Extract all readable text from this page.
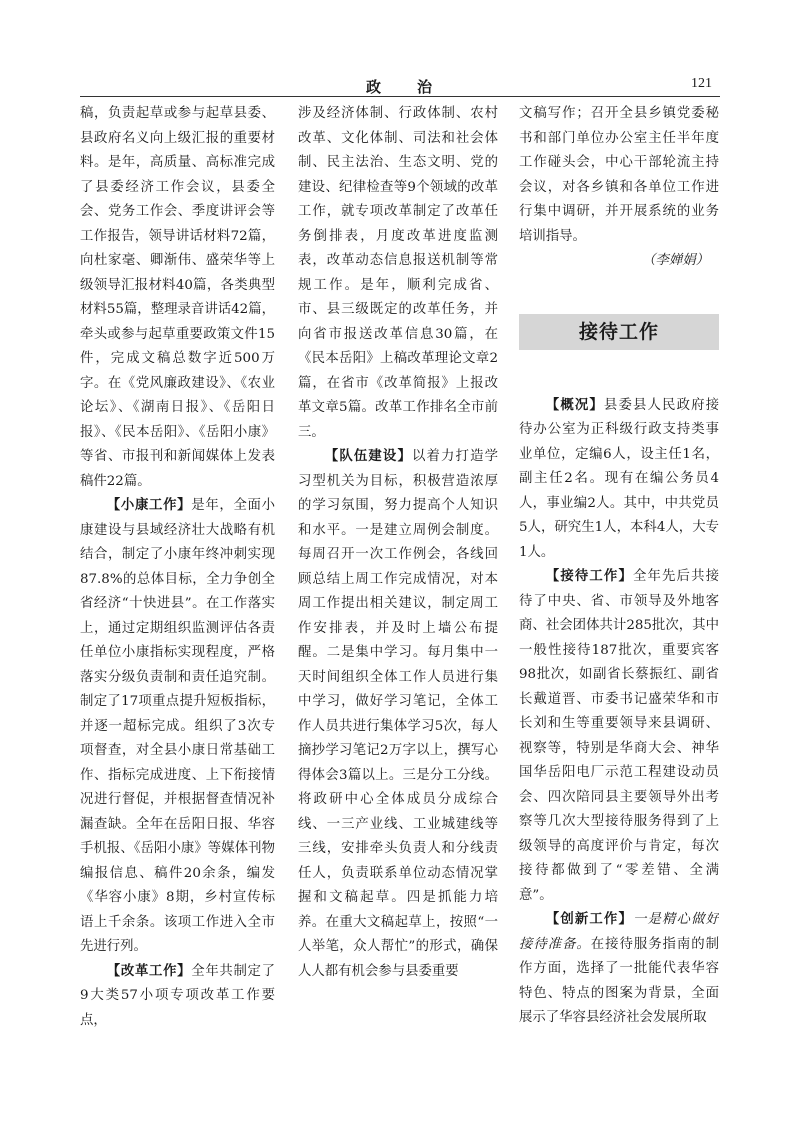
政　　治	121

稿，负责起草或参与起草县委、县政府名义向上级汇报的重要材料。是年，高质量、高标准完成了县委经济工作会议，县委全会、党务工作会、季度讲评会等工作报告，领导讲话材料72篇，向杜家毫、卿渐伟、盛荣华等上级领导汇报材料40篇，各类典型材料55篇，整理录音讲话42篇，牵头或参与起草重要政策文件15件，完成文稿总数字近500万字。在《党风廉政建设》、《农业论坛》、《湖南日报》、《岳阳日报》、《民本岳阳》、《岳阳小康》等省、市报刊和新闻媒体上发表稿件22篇。

【小康工作】是年，全面小康建设与县域经济壮大战略有机结合，制定了小康年终冲刺实现87.8%的总体目标，全力争创全省经济“十快进县”。在工作落实上，通过定期组织监测评估各责任单位小康指标实现程度，严格落实分级负责制和责任追究制。制定了17项重点提升短板指标，并逐一超标完成。组织了3次专项督查，对全县小康日常基础工作、指标完成进度、上下衔接情况进行督促，并根据督查情况补漏查缺。全年在岳阳日报、华容手机报、《岳阳小康》等媒体刊物编报信息、稿件20余条，编发《华容小康》8期，乡村宣传标语上千余条。该项工作进入全市先进行列。

【改革工作】全年共制定了9大类57小项专项改革工作要点，

涉及经济体制、行政体制、农村改革、文化体制、司法和社会体制、民主法治、生态文明、党的建设、纪律检查等9个领域的改革工作，就专项改革制定了改革任务倒排表，月度改革进度监测表，改革动态信息报送机制等常规工作。是年，顺利完成省、市、县三级既定的改革任务，并向省市报送改革信息30篇，在《民本岳阳》上稿改革理论文章2篇，在省市《改革简报》上报改革文章5篇。改革工作排名全市前三。

【队伍建设】以着力打造学习型机关为目标，积极营造浓厚的学习氛围，努力提高个人知识和水平。一是建立周例会制度。每周召开一次工作例会，各线回顾总结上周工作完成情况，对本周工作提出相关建议，制定周工作安排表，并及时上墙公布提醒。二是集中学习。每月集中一天时间组织全体工作人员进行集中学习，做好学习笔记，全体工作人员共进行集体学习5次，每人摘抄学习笔记2万字以上，撰写心得体会3篇以上。三是分工分线。将政研中心全体成员分成综合线、一三产业线、工业城建线等三线，安排牵头负责人和分线责任人，负责联系单位动态情况掌握和文稿起草。四是抓能力培养。在重大文稿起草上，按照“一人举笔，众人帮忙”的形式，确保人人都有机会参与县委重要

文稿写作；召开全县乡镇党委秘书和部门单位办公室主任半年度工作碰头会，中心干部轮流主持会议，对各乡镇和各单位工作进行集中调研，并开展系统的业务培训指导。

（李婵娟）

接待工作

【概况】县委县人民政府接待办公室为正科级行政支持类事业单位，定编6人，设主任1名，副主任2名。现有在编公务员4人，事业编2人。其中，中共党员5人，研究生1人，本科4人，大专1人。

【接待工作】全年先后共接待了中央、省、市领导及外地客商、社会团体共计285批次，其中一般性接待187批次，重要宾客98批次，如副省长蔡振红、副省长戴道晋、市委书记盛荣华和市长刘和生等重要领导来县调研、视察等，特别是华商大会、神华国华岳阳电厂示范工程建设动员会、四次陪同县主要领导外出考察等几次大型接待服务得到了上级领导的高度评价与肯定，每次接待都做到了“零差错、全满意”。

【创新工作】一是精心做好接待准备。在接待服务指南的制作方面，选择了一批能代表华容特色、特点的图案为背景，全面展示了华容县经济社会发展所取
